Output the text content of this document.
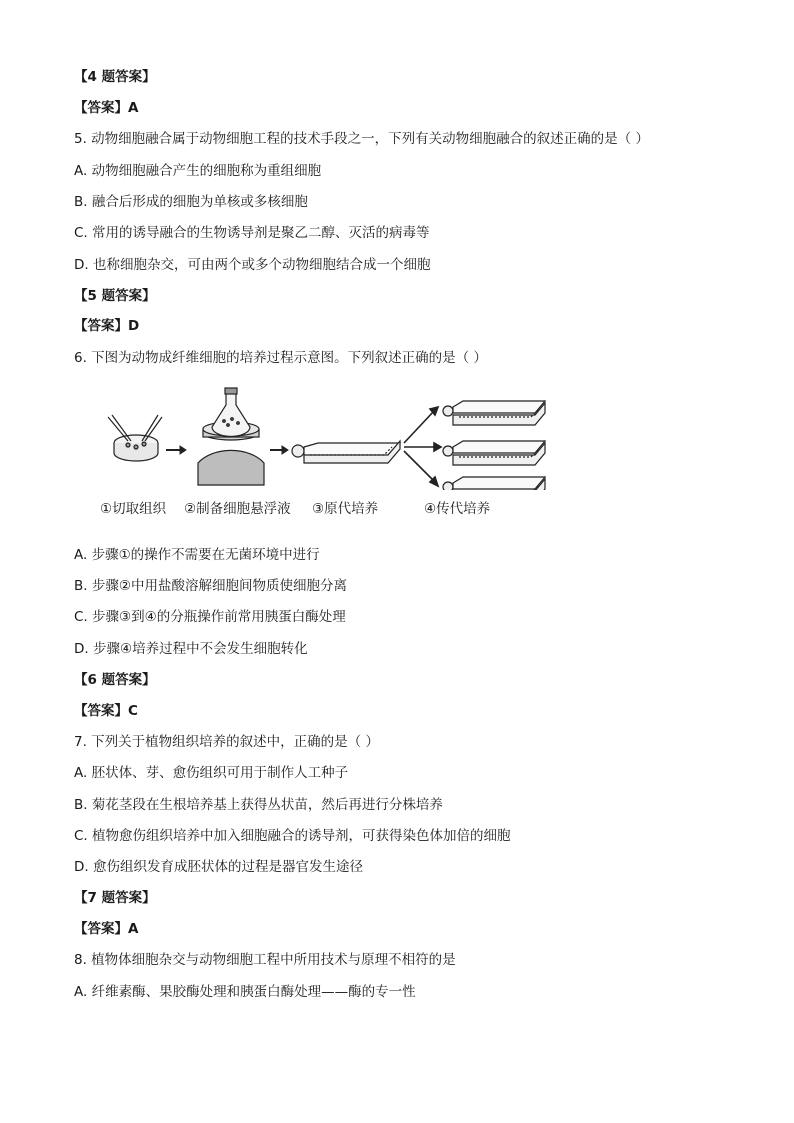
【4 题答案】
【答案】A
5. 动物细胞融合属于动物细胞工程的技术手段之一，下列有关动物细胞融合的叙述正确的是（ ）
A. 动物细胞融合产生的细胞称为重组细胞
B. 融合后形成的细胞为单核或多核细胞
C. 常用的诱导融合的生物诱导剂是聚乙二醇、灭活的病毒等
D. 也称细胞杂交，可由两个或多个动物细胞结合成一个细胞
【5 题答案】
【答案】D
6. 下图为动物成纤维细胞的培养过程示意图。下列叙述正确的是（ ）
①切取组织 ②制备细胞悬浮液 ③原代培养	④传代培养
A. 步骤①的操作不需要在无菌环境中进行
B. 步骤②中用盐酸溶解细胞间物质使细胞分离
C. 步骤③到④的分瓶操作前常用胰蛋白酶处理
D. 步骤④培养过程中不会发生细胞转化
【6 题答案】
【答案】C
7. 下列关于植物组织培养的叙述中，正确的是（ ）
A. 胚状体、芽、愈伤组织可用于制作人工种子
B. 菊花茎段在生根培养基上获得丛状苗，然后再进行分株培养
C. 植物愈伤组织培养中加入细胞融合的诱导剂，可获得染色体加倍的细胞
D. 愈伤组织发育成胚状体的过程是器官发生途径
【7 题答案】
【答案】A
8. 植物体细胞杂交与动物细胞工程中所用技术与原理不相符的是
A. 纤维素酶、果胶酶处理和胰蛋白酶处理——酶的专一性
